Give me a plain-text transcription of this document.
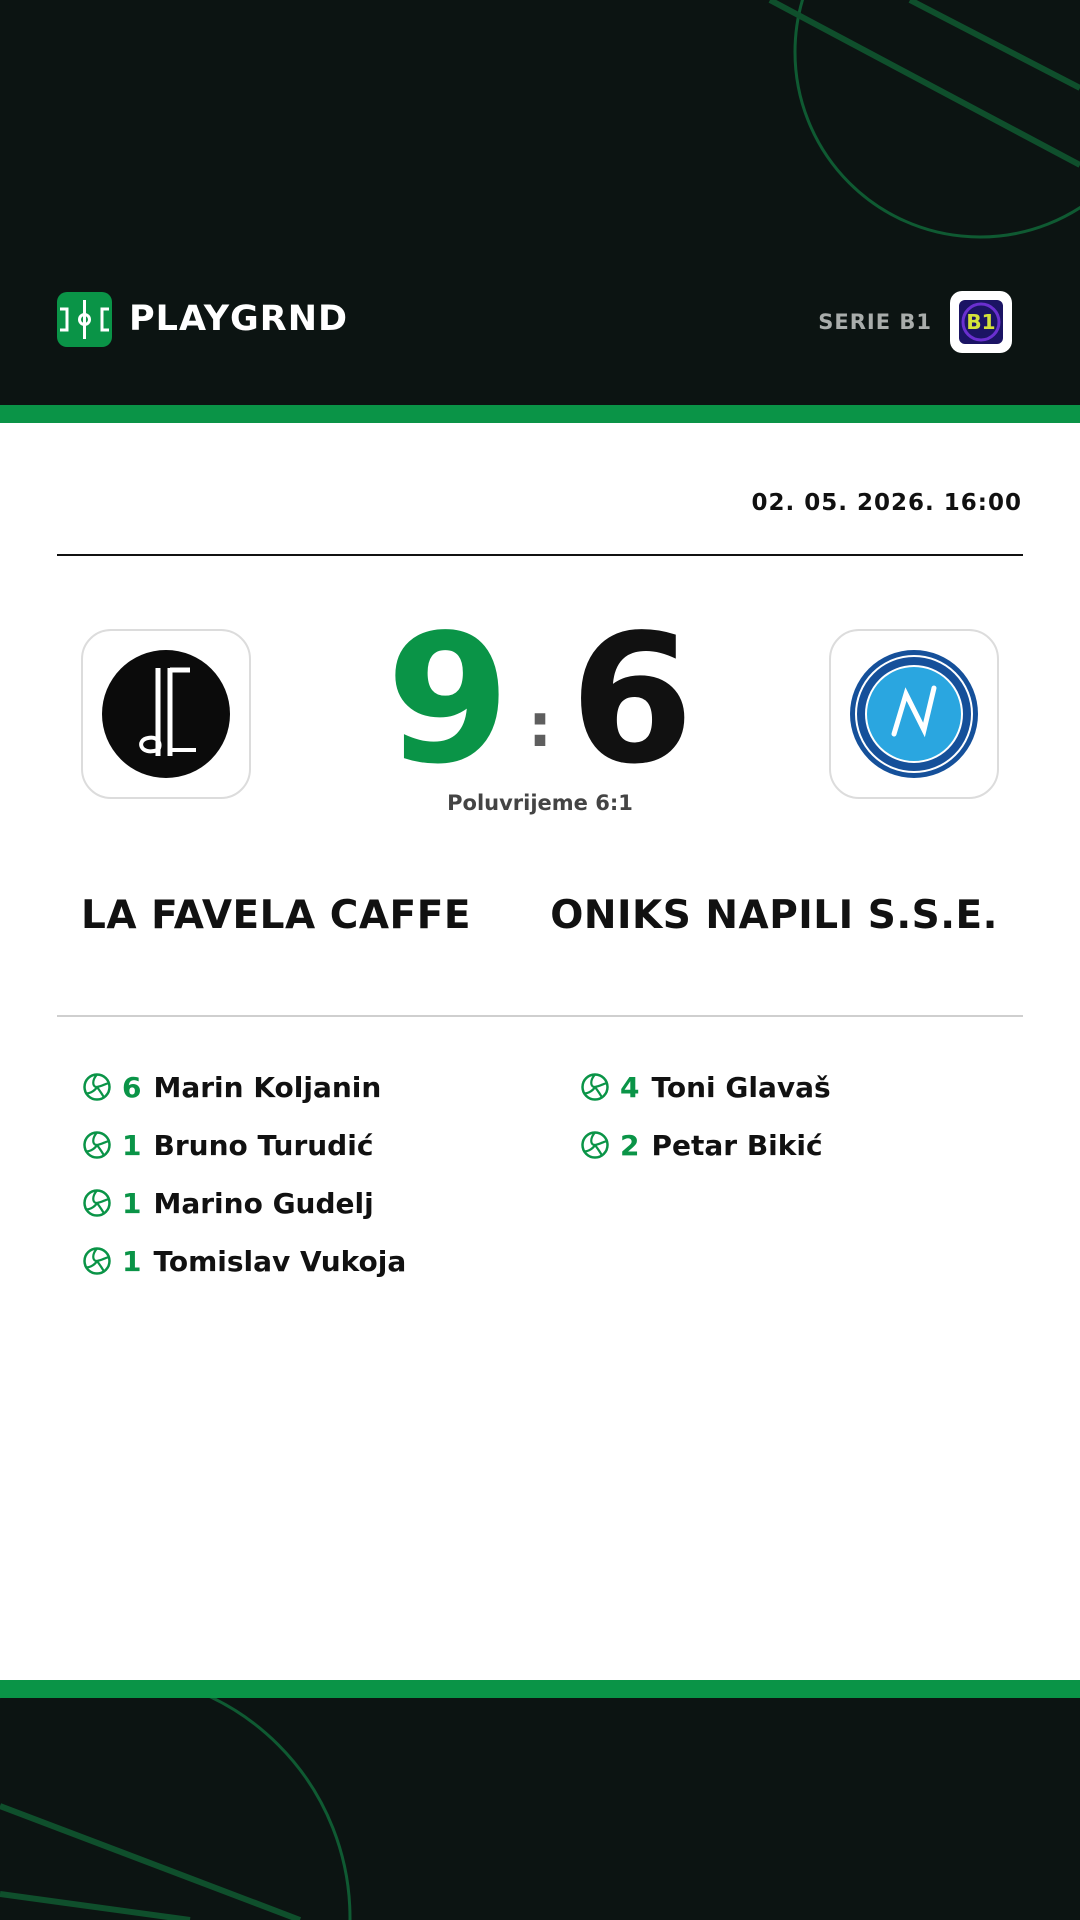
PLAYGRND	SERIE B1 B1
02. 05. 2026. 16:00
9 : 6
Poluvrijeme 6:1
LA FAVELA CAFFE ONIKS NAPILI S.S.E.
6 Marin Koljanin
1 Bruno Turudić
1 Marino Gudelj
1 Tomislav Vukoja
4 Toni Glavaš
2 Petar Bikić
